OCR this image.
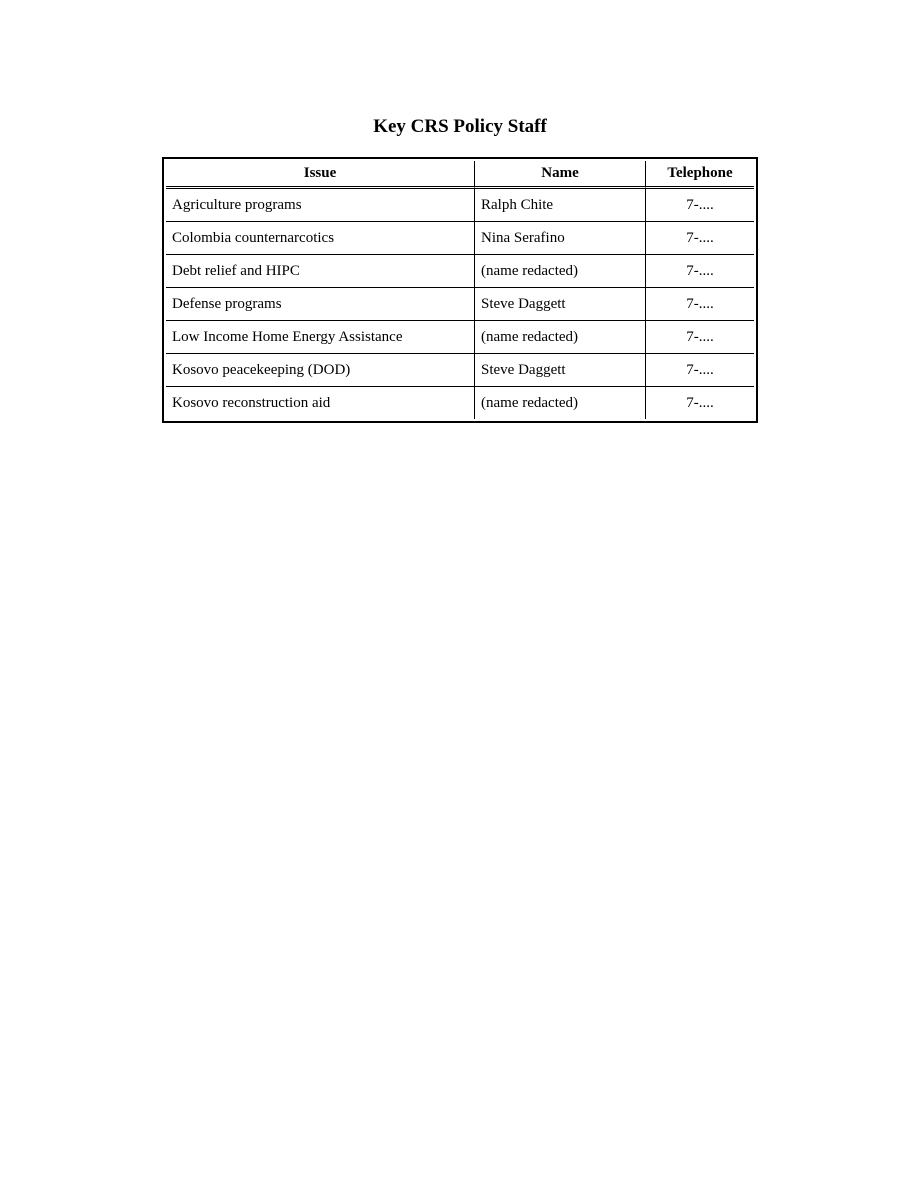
Key CRS Policy Staff
Issue	Name	Telephone
Agriculture programs	Ralph Chite	7-....
Colombia counternarcotics	Nina Serafino	7-....
Debt relief and HIPC	(name redacted)	7-....
Defense programs	Steve Daggett	7-....
Low Income Home Energy Assistance	(name redacted)	7-....
Kosovo peacekeeping (DOD)	Steve Daggett	7-....
Kosovo reconstruction aid	(name redacted)	7-....
